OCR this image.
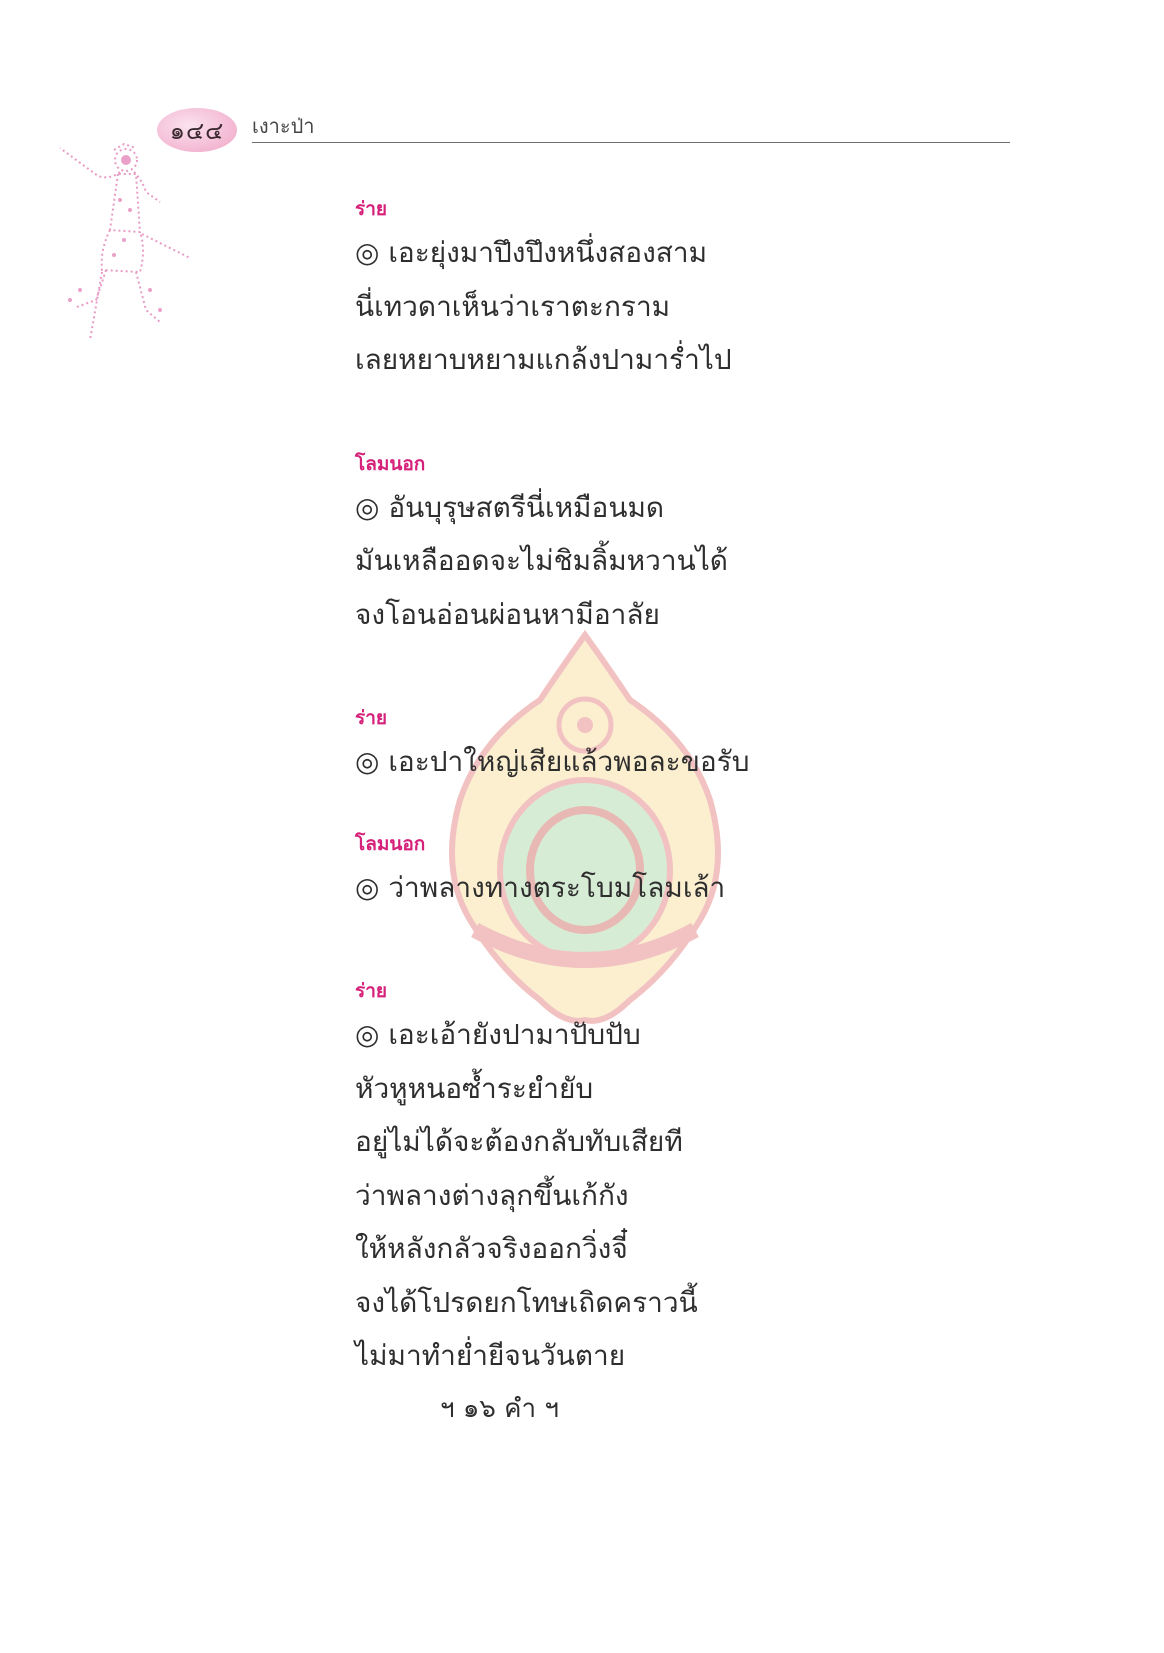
๑๔๔ เงาะป่า
ร่าย
◎ เอะยุ่งมาปึงปึงหนึ่งสองสาม
นี่เทวดาเห็นว่าเราตะกราม
เลยหยาบหยามแกล้งปามาร่ำไป
โลมนอก
◎ อันบุรุษสตรีนี่เหมือนมด
มันเหลืออดจะไม่ชิมลิ้มหวานได้
จงโอนอ่อนผ่อนหามีอาลัย
ร่าย
◎ เอะปาใหญ่เสียแล้วพอละขอรับ
โลมนอก
◎ ว่าพลางทางตระโบมโลมเล้า
ร่าย
◎ เอะเอ้ายังปามาปับปับ
หัวหูหนอซ้ำระยำยับ
อยู่ไม่ได้จะต้องกลับทับเสียที
ว่าพลางต่างลุกขึ้นเก้กัง
ให้หลังกลัวจริงออกวิ่งจี๋
จงได้โปรดยกโทษเถิดคราวนี้
ไม่มาทำย่ำยีจนวันตาย
ฯ ๑๖ คำ ฯ
